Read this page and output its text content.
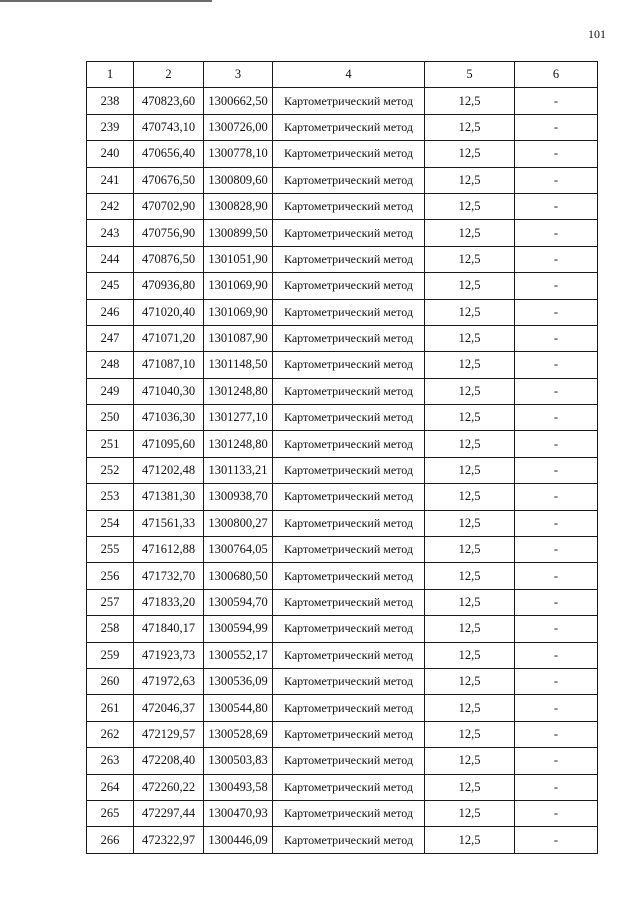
101
1	2	3	4	5	6
238	470823,60	1300662,50	Картометрический метод	12,5	-
239	470743,10	1300726,00	Картометрический метод	12,5	-
240	470656,40	1300778,10	Картометрический метод	12,5	-
241	470676,50	1300809,60	Картометрический метод	12,5	-
242	470702,90	1300828,90	Картометрический метод	12,5	-
243	470756,90	1300899,50	Картометрический метод	12,5	-
244	470876,50	1301051,90	Картометрический метод	12,5	-
245	470936,80	1301069,90	Картометрический метод	12,5	-
246	471020,40	1301069,90	Картометрический метод	12,5	-
247	471071,20	1301087,90	Картометрический метод	12,5	-
248	471087,10	1301148,50	Картометрический метод	12,5	-
249	471040,30	1301248,80	Картометрический метод	12,5	-
250	471036,30	1301277,10	Картометрический метод	12,5	-
251	471095,60	1301248,80	Картометрический метод	12,5	-
252	471202,48	1301133,21	Картометрический метод	12,5	-
253	471381,30	1300938,70	Картометрический метод	12,5	-
254	471561,33	1300800,27	Картометрический метод	12,5	-
255	471612,88	1300764,05	Картометрический метод	12,5	-
256	471732,70	1300680,50	Картометрический метод	12,5	-
257	471833,20	1300594,70	Картометрический метод	12,5	-
258	471840,17	1300594,99	Картометрический метод	12,5	-
259	471923,73	1300552,17	Картометрический метод	12,5	-
260	471972,63	1300536,09	Картометрический метод	12,5	-
261	472046,37	1300544,80	Картометрический метод	12,5	-
262	472129,57	1300528,69	Картометрический метод	12,5	-
263	472208,40	1300503,83	Картометрический метод	12,5	-
264	472260,22	1300493,58	Картометрический метод	12,5	-
265	472297,44	1300470,93	Картометрический метод	12,5	-
266	472322,97	1300446,09	Картометрический метод	12,5	-
